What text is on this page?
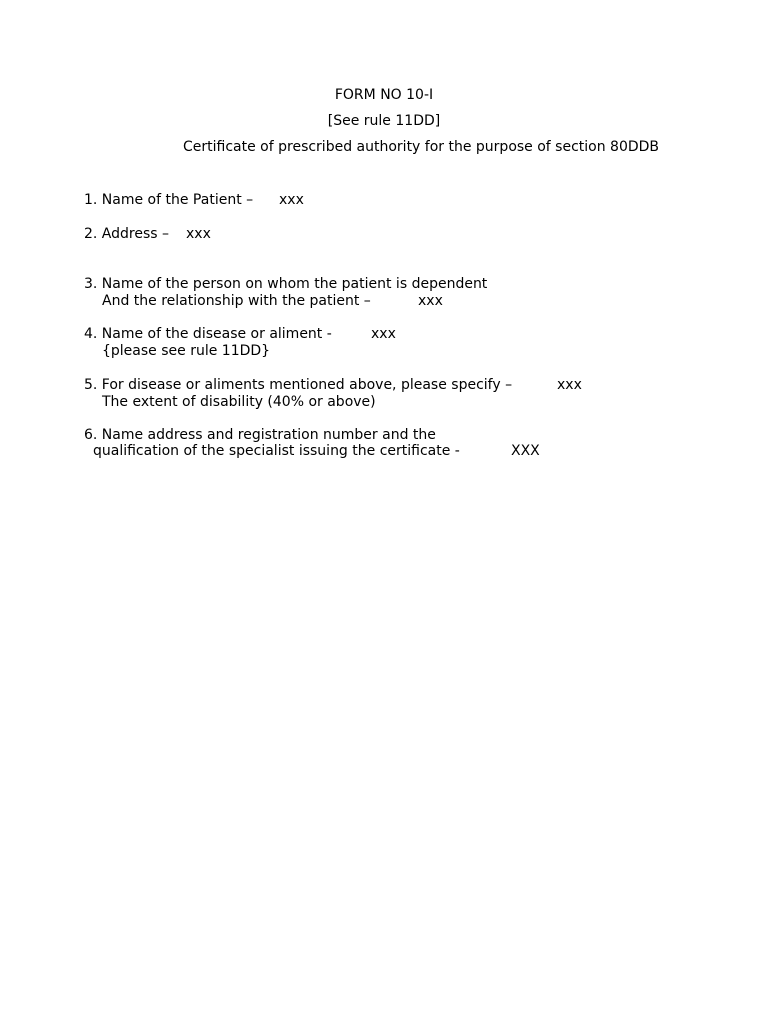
FORM NO 10-I

[See rule 11DD]

Certificate of prescribed authority for the purpose of section 80DDB

1. Name of the Patient – xxx

2. Address – xxx

3. Name of the person on whom the patient is dependent

And the relationship with the patient –	xxx

4. Name of the disease or aliment -	xxx

{please see rule 11DD}

5. For disease or aliments mentioned above, please specify –	xxx

The extent of disability (40% or above)

6. Name address and registration number and the

qualification of the specialist issuing the certificate -	XXX
